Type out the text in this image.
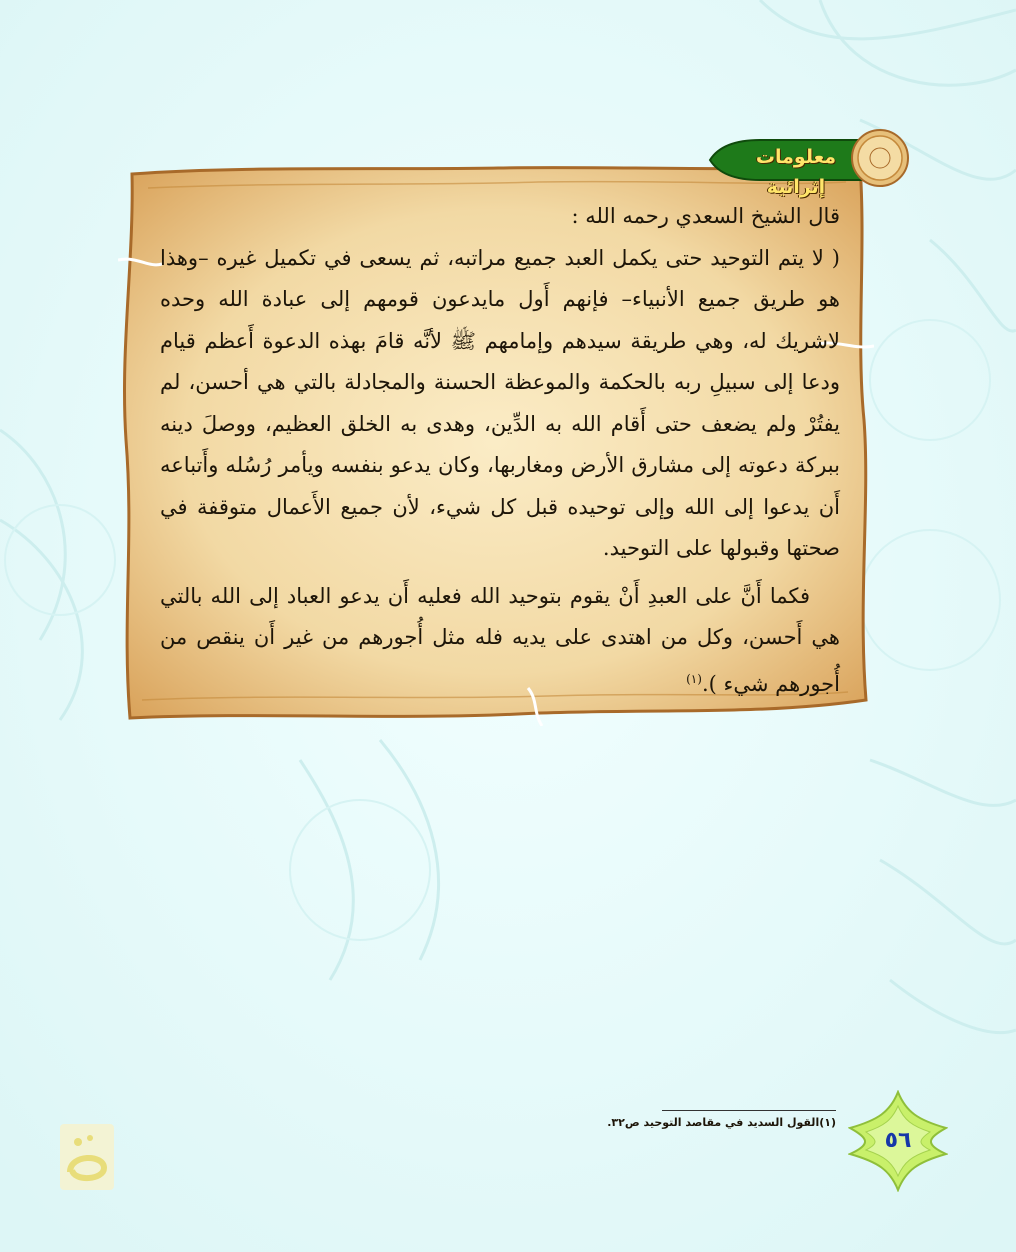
معلومات إثرائية

قال الشيخ السعدي رحمه الله :

( لا يتم التوحيد حتى يكمل العبد جميع مراتبه، ثم يسعى في تكميل غيره –وهذا هو طريق جميع الأنبياء– فإنهم أَول مايدعون قومهم إلى عبادة الله وحده لاشريك له، وهي طريقة سيدهم وإمامهم ﷺ لأنَّه قامَ بهذه الدعوة أَعظم قيام ودعا إلى سبيلِ ربه بالحكمة والموعظة الحسنة والمجادلة بالتي هي أحسن، لم يفتُرْ ولم يضعف حتى أَقام الله به الدِّين، وهدى به الخلق العظيم، ووصلَ دينه ببركة دعوته إلى مشارق الأرض ومغاربها، وكان يدعو بنفسه ويأمر رُسُله وأَتباعه أَن يدعوا إلى الله وإلى توحيده قبل كل شيء، لأن جميع الأَعمال متوقفة في صحتها وقبولها على التوحيد.

فكما أَنَّ على العبدِ أَنْ يقوم بتوحيد الله فعليه أَن يدعو العباد إلى الله بالتي هي أَحسن، وكل من اهتدى على يديه فله مثل أُجورهم من غير أَن ينقص من أُجورهم شيء ).$^{(١)}$

(١)القول السديد في مقاصد التوحيد ص٣٢.
٥٦
